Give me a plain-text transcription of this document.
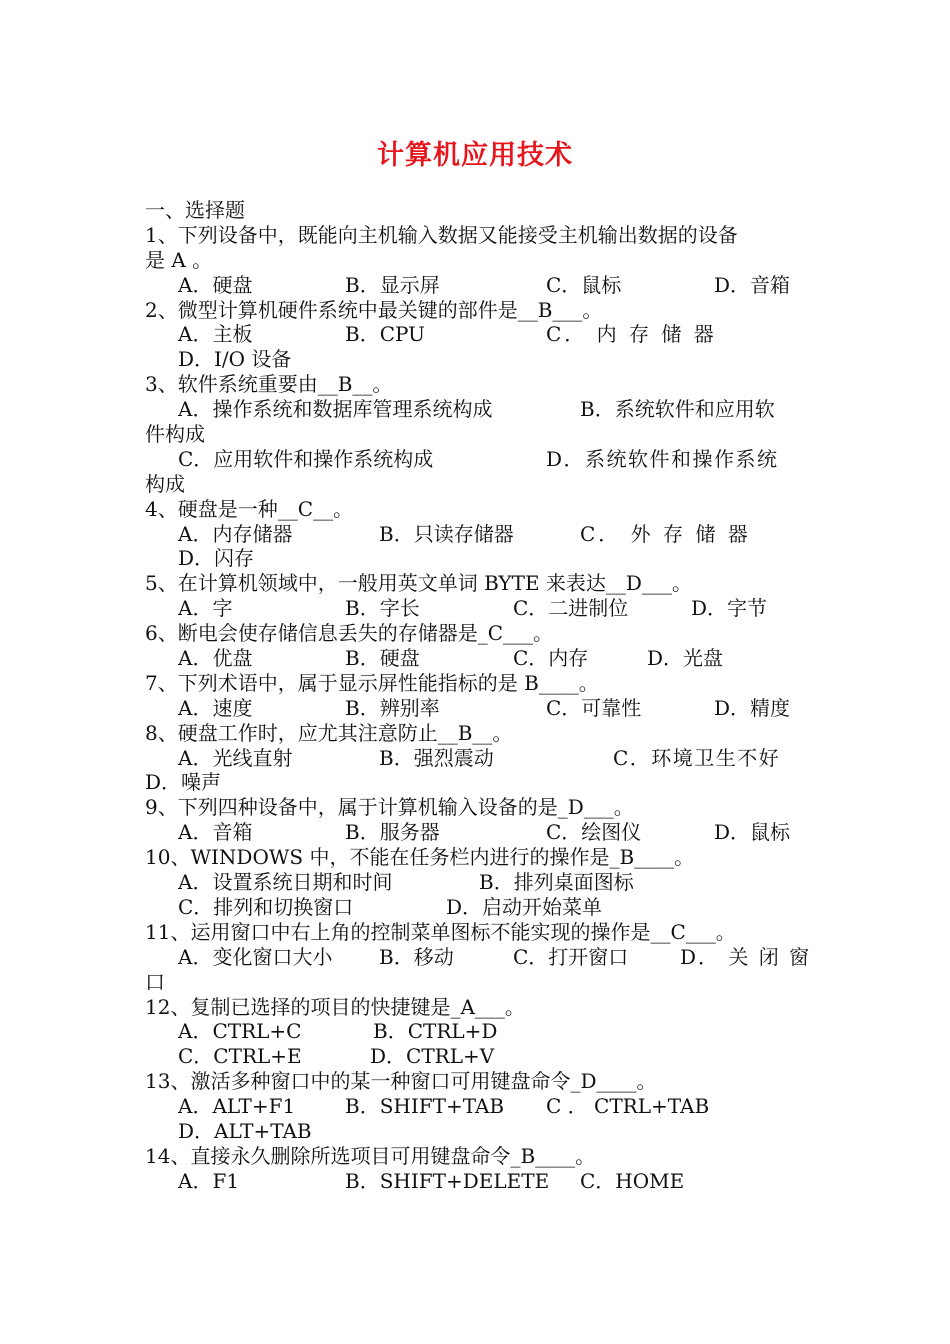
计算机应用技术
一、选择题
1、下列设备中，既能向主机输入数据又能接受主机输出数据的设备
是 A 。
A．硬盘	B．显示屏	C．鼠标	D．音箱
2、微型计算机硬件系统中最关键的部件是__B___。
A．主板	B．CPU	C． 内 存 储 器
D．I/O 设备
3、软件系统重要由__B__。
A．操作系统和数据库管理系统构成	B．系统软件和应用软
件构成
C．应用软件和操作系统构成	D．系统软件和操作系统
构成
4、硬盘是一种__C__。
A．内存储器	B．只读存储器	C． 外 存 储 器
D．闪存
5、在计算机领域中，一般用英文单词 BYTE 来表达__D___。
A．字	B．字长	C．二进制位	D．字节
6、断电会使存储信息丢失的存储器是_C___。
A．优盘	B．硬盘	C．内存	D．光盘
7、下列术语中，属于显示屏性能指标的是 B____。
A．速度	B．辨别率	C．可靠性	D．精度
8、硬盘工作时，应尤其注意防止__B__。
A．光线直射	B．强烈震动	C．环境卫生不好
D．噪声
9、下列四种设备中，属于计算机输入设备的是_D___。
A．音箱	B．服务器	C．绘图仪	D．鼠标
10、WINDOWS 中，不能在任务栏内进行的操作是_B____。
A．设置系统日期和时间	B．排列桌面图标
C．排列和切换窗口	D．启动开始菜单
11、运用窗口中右上角的控制菜单图标不能实现的操作是__C___。
A．变化窗口大小 B．移动	C．打开窗口	D． 关 闭 窗
口
12、复制已选择的项目的快捷键是_A___。
A．CTRL+C	B．CTRL+D
C．CTRL+E	D．CTRL+V
13、激活多种窗口中的某一种窗口可用键盘命令_D____。
A．ALT+F1 B．SHIFT+TAB C ． CTRL+TAB
D．ALT+TAB
14、直接永久删除所选项目可用键盘命令_B____。
A．F1	B．SHIFT+DELETE C．HOME
